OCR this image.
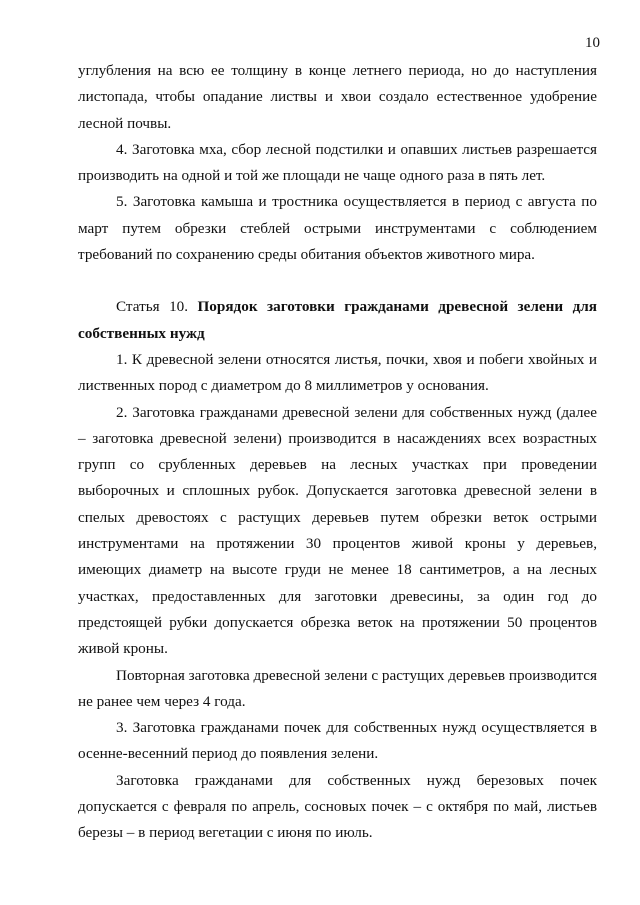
10

углубления на всю ее толщину в конце летнего периода, но до наступления листопада, чтобы опадание листвы и хвои создало естественное удобрение лесной почвы.

4. Заготовка мха, сбор лесной подстилки и опавших листьев разрешается производить на одной и той же площади не чаще одного раза в пять лет.

5. Заготовка камыша и тростника осуществляется в период с августа по март путем обрезки стеблей острыми инструментами с соблюдением требований по сохранению среды обитания объектов животного мира.

Статья 10. Порядок заготовки гражданами древесной зелени для собственных нужд

1. К древесной зелени относятся листья, почки, хвоя и побеги хвойных и лиственных пород с диаметром до 8 миллиметров у основания.

2. Заготовка гражданами древесной зелени для собственных нужд (далее – заготовка древесной зелени) производится в насаждениях всех возрастных групп со срубленных деревьев на лесных участках при проведении выборочных и сплошных рубок. Допускается заготовка древесной зелени в спелых древостоях с растущих деревьев путем обрезки веток острыми инструментами на протяжении 30 процентов живой кроны у деревьев, имеющих диаметр на высоте груди не менее 18 сантиметров, а на лесных участках, предоставленных для заготовки древесины, за один год до предстоящей рубки допускается обрезка веток на протяжении 50 процентов живой кроны.

Повторная заготовка древесной зелени с растущих деревьев производится не ранее чем через 4 года.

3. Заготовка гражданами почек для собственных нужд осуществляется в осенне-весенний период до появления зелени.

Заготовка гражданами для собственных нужд березовых почек допускается с февраля по апрель, сосновых почек – с октября по май, листьев березы – в период вегетации с июня по июль.
